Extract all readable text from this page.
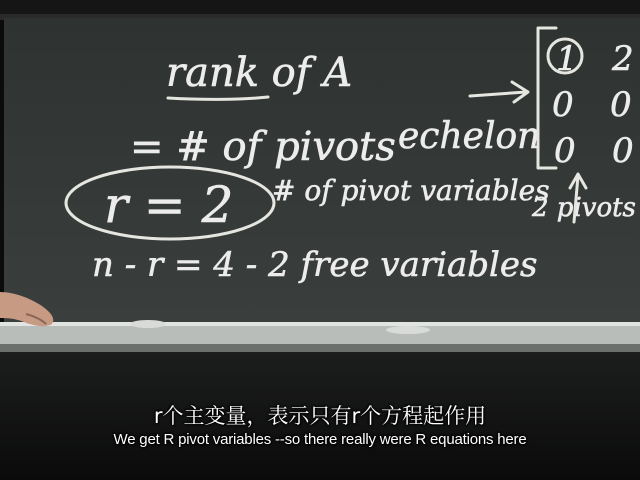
rank of A
= # of pivots echelon
1 2
0 0
0 0
r = 2 # of pivot variables
2 pivots
n - r = 4 - 2 free variables
r个主变量，表示只有r个方程起作用
We get R pivot variables --so there really were R equations here
